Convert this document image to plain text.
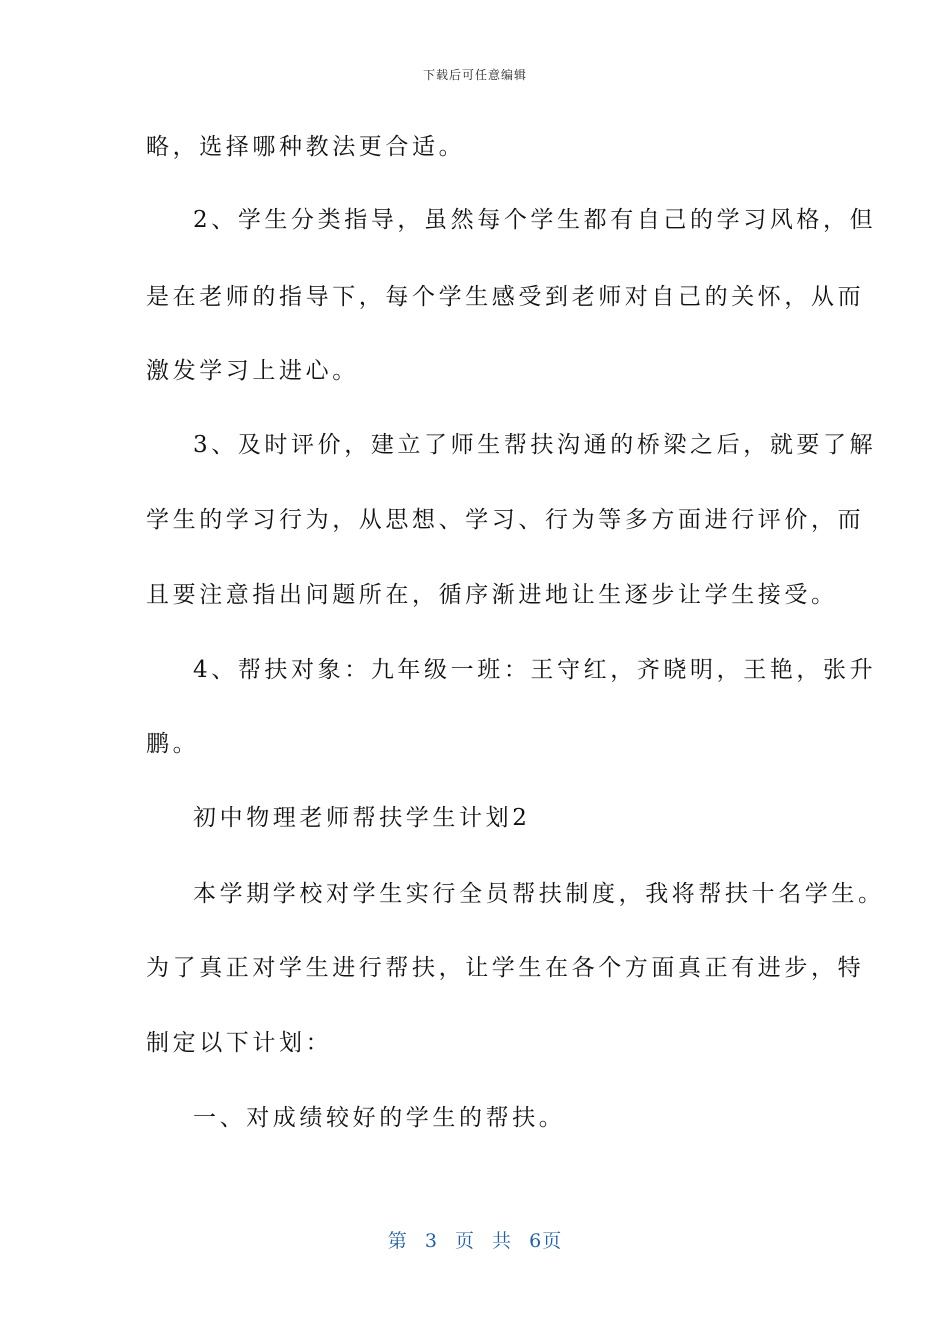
下载后可任意编辑
略，选择哪种教法更合适。
2、学生分类指导，虽然每个学生都有自己的学习风格，但
是在老师的指导下，每个学生感受到老师对自己的关怀，从而
激发学习上进心。
3、及时评价，建立了师生帮扶沟通的桥梁之后，就要了解
学生的学习行为，从思想、学习、行为等多方面进行评价，而
且要注意指出问题所在，循序渐进地让生逐步让学生接受。
4、帮扶对象：九年级一班：王守红，齐晓明，王艳，张升
鹏。
初中物理老师帮扶学生计划2
本学期学校对学生实行全员帮扶制度，我将帮扶十名学生。
为了真正对学生进行帮扶，让学生在各个方面真正有进步，特
制定以下计划：
一、对成绩较好的学生的帮扶。
第 3 页 共 6页
